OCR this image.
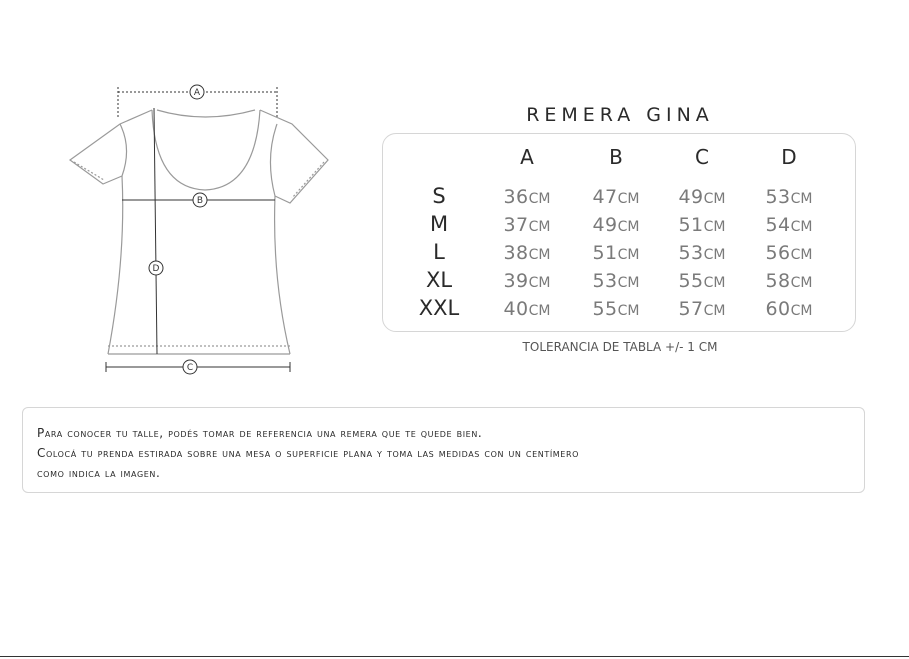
A
B
D
C
REMERA GINA
A	B	C	D
S	36CM	47CM	49CM	53CM
M	37CM	49CM	51CM	54CM
L	38CM	51CM	53CM	56CM
XL	39CM	53CM	55CM	58CM
XXL	40CM	55CM	57CM	60CM
TOLERANCIA DE TABLA +/- 1 CM
Para conocer tu talle, podés tomar de referencia una remera que te quede bien.
Colocá tu prenda estirada sobre una mesa o superficie plana y toma las medidas con un centímero
como indica la imagen.
